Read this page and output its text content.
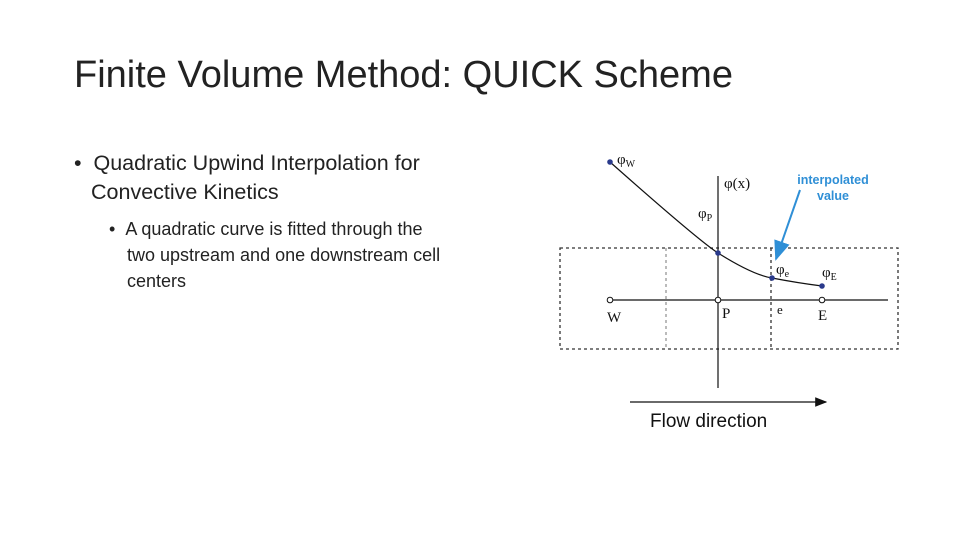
Finite Volume Method: QUICK Scheme

• Quadratic Upwind Interpolation for Convective Kinetics

• A quadratic curve is fitted through the two upstream and one downstream cell centers

$\varphi_W$
$\varphi_P$
$\varphi_e$ $\varphi_E$
φ(x)
W	P	e E
interpolated
value
Flow direction
